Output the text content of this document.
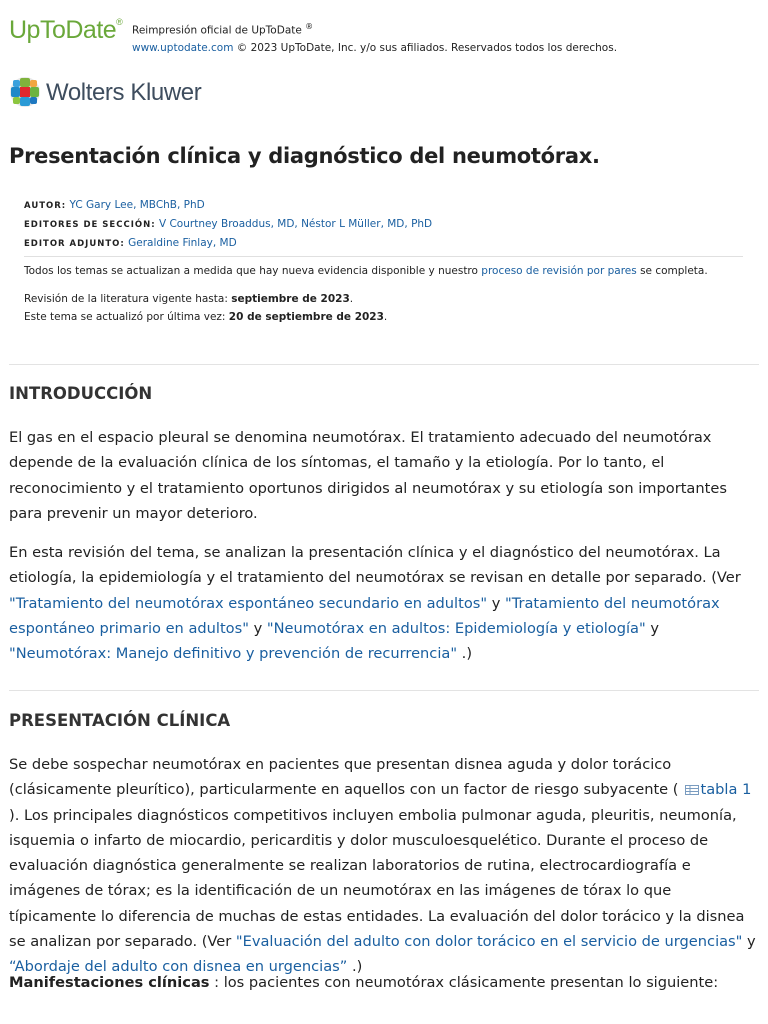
UpToDate®
Reimpresión oficial de UpToDate ®
www.uptodate.com © 2023 UpToDate, Inc. y/o sus afiliados. Reservados todos los derechos.
Wolters Kluwer
Presentación clínica y diagnóstico del neumotórax.
AUTOR: YC Gary Lee, MBChB, PhD
EDITORES DE SECCIÓN: V Courtney Broaddus, MD, Néstor L Müller, MD, PhD
EDITOR ADJUNTO: Geraldine Finlay, MD
Todos los temas se actualizan a medida que hay nueva evidencia disponible y nuestro proceso de revisión por pares se completa.
Revisión de la literatura vigente hasta: septiembre de 2023.
Este tema se actualizó por última vez: 20 de septiembre de 2023.
INTRODUCCIÓN

El gas en el espacio pleural se denomina neumotórax. El tratamiento adecuado del neumotórax depende de la evaluación clínica de los síntomas, el tamaño y la etiología. Por lo tanto, el reconocimiento y el tratamiento oportunos dirigidos al neumotórax y su etiología son importantes para prevenir un mayor deterioro.

En esta revisión del tema, se analizan la presentación clínica y el diagnóstico del neumotórax. La etiología, la epidemiología y el tratamiento del neumotórax se revisan en detalle por separado. (Ver "Tratamiento del neumotórax espontáneo secundario en adultos" y "Tratamiento del neumotórax espontáneo primario en adultos" y "Neumotórax en adultos: Epidemiología y etiología" y "Neumotórax: Manejo definitivo y prevención de recurrencia" .)

PRESENTACIÓN CLÍNICA

Se debe sospechar neumotórax en pacientes que presentan disnea aguda y dolor torácico (clásicamente pleurítico), particularmente en aquellos con un factor de riesgo subyacente ( tabla 1 ). Los principales diagnósticos competitivos incluyen embolia pulmonar aguda, pleuritis, neumonía, isquemia o infarto de miocardio, pericarditis y dolor musculoesquelético. Durante el proceso de evaluación diagnóstica generalmente se realizan laboratorios de rutina, electrocardiografía e imágenes de tórax; es la identificación de un neumotórax en las imágenes de tórax lo que típicamente lo diferencia de muchas de estas entidades. La evaluación del dolor torácico y la disnea se analizan por separado. (Ver "Evaluación del adulto con dolor torácico en el servicio de urgencias" y “Abordaje del adulto con disnea en urgencias” .)

Manifestaciones clínicas : los pacientes con neumotórax clásicamente presentan lo siguiente:
